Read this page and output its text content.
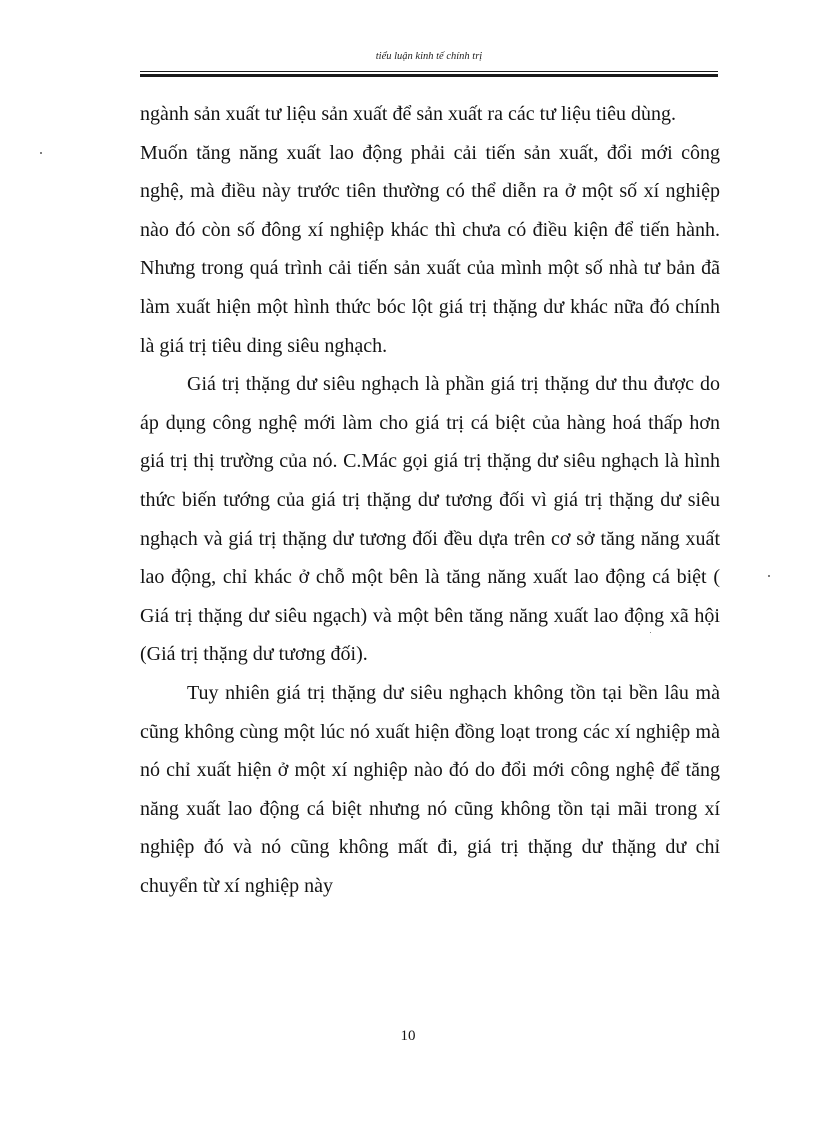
tiểu luận kinh tế chính trị

ngành sản xuất tư liệu sản xuất để sản xuất ra các tư liệu tiêu dùng.

Muốn tăng năng xuất lao động phải cải tiến sản xuất, đổi mới công nghệ, mà điều này trước tiên thường có thể diễn ra ở một số xí nghiệp nào đó còn số đông xí nghiệp khác thì chưa có điều kiện để tiến hành. Nhưng trong quá trình cải tiến sản xuất của mình một số nhà tư bản đã làm xuất hiện một hình thức bóc lột giá trị thặng dư khác nữa đó chính là giá trị tiêu ding siêu nghạch.

Giá trị thặng dư siêu nghạch là phần giá trị thặng dư thu được do áp dụng công nghệ mới làm cho giá trị cá biệt của hàng hoá thấp hơn giá trị thị trường của nó. C.Mác gọi giá trị thặng dư siêu nghạch là hình thức biến tướng của giá trị thặng dư tương đối vì giá trị thặng dư siêu nghạch và giá trị thặng dư tương đối đều dựa trên cơ sở tăng năng xuất lao động, chỉ khác ở chỗ một bên là tăng năng xuất lao động cá biệt ( Giá trị thặng dư siêu ngạch) và một bên tăng năng xuất lao động xã hội (Giá trị thặng dư tương đối).

Tuy nhiên giá trị thặng dư siêu nghạch không tồn tại bền lâu mà cũng không cùng một lúc nó xuất hiện đồng loạt trong các xí nghiệp mà nó chỉ xuất hiện ở một xí nghiệp nào đó do đổi mới công nghệ để tăng năng xuất lao động cá biệt nhưng nó cũng không tồn tại mãi trong xí nghiệp đó và nó cũng không mất đi, giá trị thặng dư thặng dư chỉ chuyển từ xí nghiệp này

10
